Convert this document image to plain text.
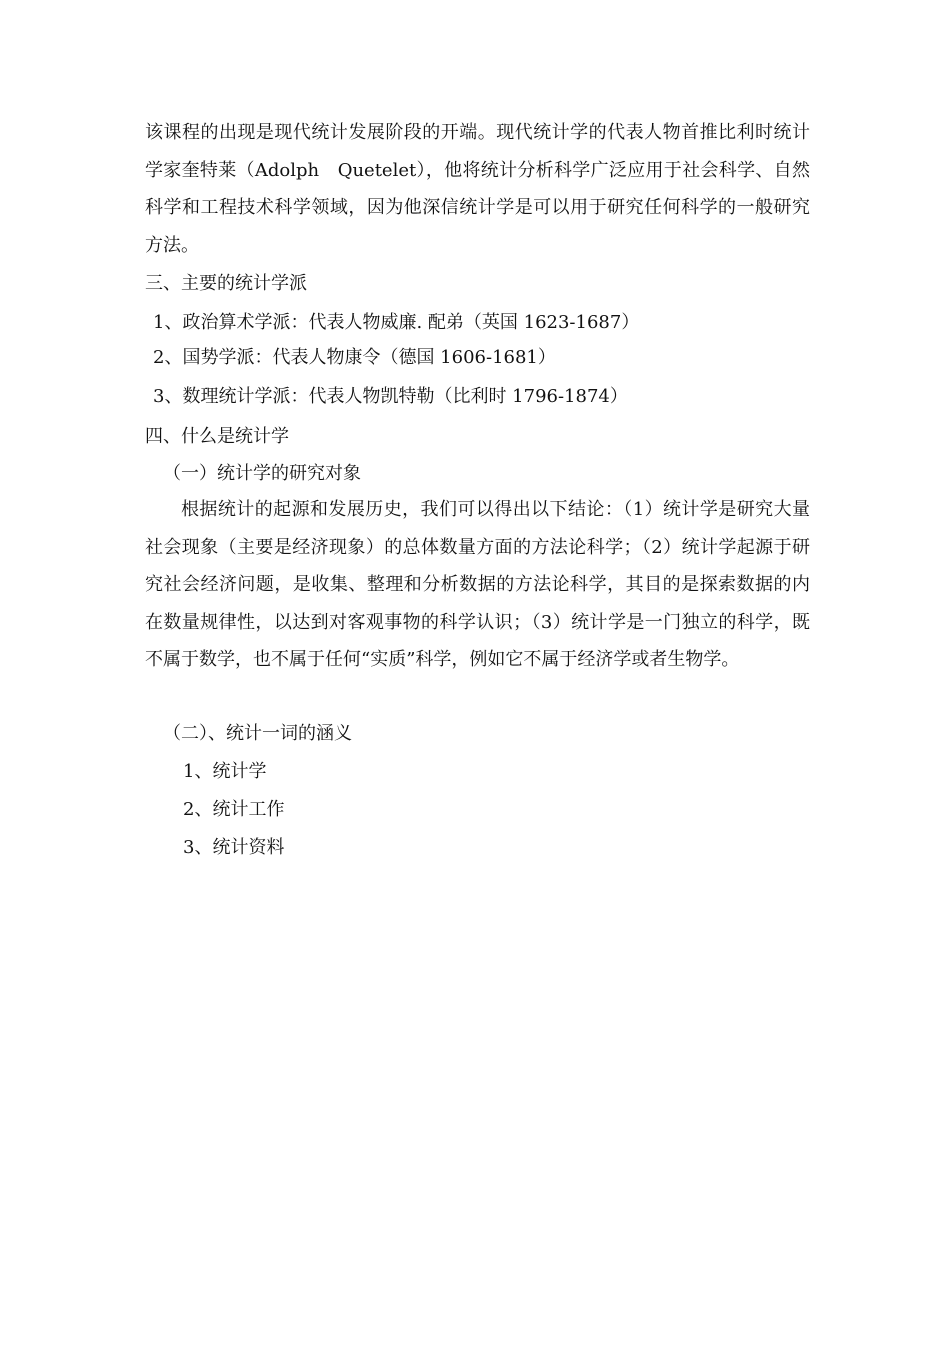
该课程的出现是现代统计发展阶段的开端。现代统计学的代表人物首推比利时统计学家奎特莱（Adolph　Quetelet），他将统计分析科学广泛应用于社会科学、自然科学和工程技术科学领域，因为他深信统计学是可以用于研究任何科学的一般研究方法。

三、主要的统计学派
1、政治算术学派：代表人物威廉. 配弟（英国 1623-1687）
2、国势学派：代表人物康令（德国 1606-1681）
3、数理统计学派：代表人物凯特勒（比利时 1796-1874）
四、什么是统计学
（一）统计学的研究对象

根据统计的起源和发展历史，我们可以得出以下结论：（1）统计学是研究大量社会现象（主要是经济现象）的总体数量方面的方法论科学；（2）统计学起源于研究社会经济问题，是收集、整理和分析数据的方法论科学，其目的是探索数据的内在数量规律性，以达到对客观事物的科学认识；（3）统计学是一门独立的科学，既不属于数学，也不属于任何“实质”科学，例如它不属于经济学或者生物学。

（二）、统计一词的涵义
1、统计学
2、统计工作
3、统计资料
